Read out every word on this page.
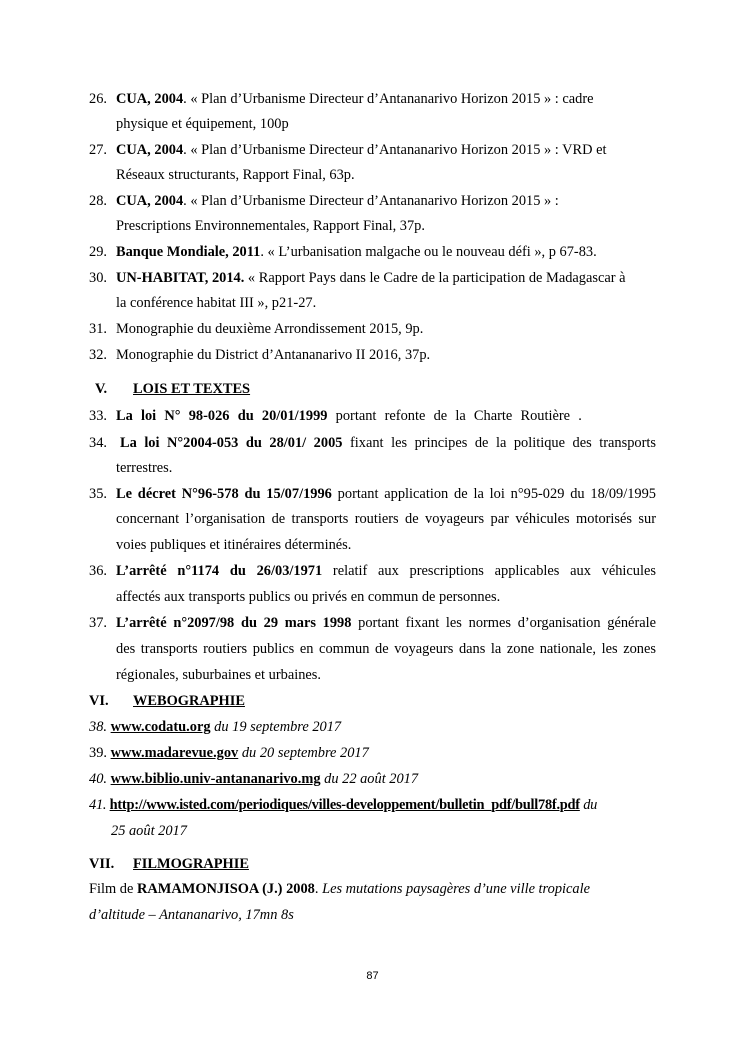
26. CUA, 2004. « Plan d’Urbanisme Directeur d’Antananarivo Horizon 2015 » : cadre
physique et équipement, 100p
27. CUA, 2004. « Plan d’Urbanisme Directeur d’Antananarivo Horizon 2015 » : VRD et
Réseaux structurants, Rapport Final, 63p.
28. CUA, 2004. « Plan d’Urbanisme Directeur d’Antananarivo Horizon 2015 » :
Prescriptions Environnementales, Rapport Final, 37p.
29. Banque Mondiale, 2011. « L’urbanisation malgache ou le nouveau défi », p 67-83.
30. UN-HABITAT, 2014. « Rapport Pays dans le Cadre de la participation de Madagascar à
la conférence habitat III », p21-27.
31. Monographie du deuxième Arrondissement 2015, 9p.
32. Monographie du District d’Antananarivo II 2016, 37p.
V. LOIS ET TEXTES
33. La loi N° 98-026 du 20/01/1999 portant refonte de la Charte Routière .
34. La loi N°2004-053 du 28/01/ 2005 fixant les principes de la politique des transports
terrestres.
35. Le décret N°96-578 du 15/07/1996 portant application de la loi n°95-029 du 18/09/1995
concernant l’organisation de transports routiers de voyageurs par véhicules motorisés sur
voies publiques et itinéraires déterminés.
36. L’arrêté n°1174 du 26/03/1971 relatif aux prescriptions applicables aux véhicules
affectés aux transports publics ou privés en commun de personnes.
37. L’arrêté n°2097/98 du 29 mars 1998 portant fixant les normes d’organisation générale
des transports routiers publics en commun de voyageurs dans la zone nationale, les zones
régionales, suburbaines et urbaines.
VI. WEBOGRAPHIE
38. www.codatu.org du 19 septembre 2017
39. www.madarevue.gov du 20 septembre 2017
40. www.biblio.univ-antananarivo.mg du 22 août 2017
41. http://www.isted.com/periodiques/villes-developpement/bulletin_pdf/bull78f.pdf du
25 août 2017
VII. FILMOGRAPHIE
Film de RAMAMONJISOA (J.) 2008. Les mutations paysagères d’une ville tropicale
d’altitude – Antananarivo, 17mn 8s
87
